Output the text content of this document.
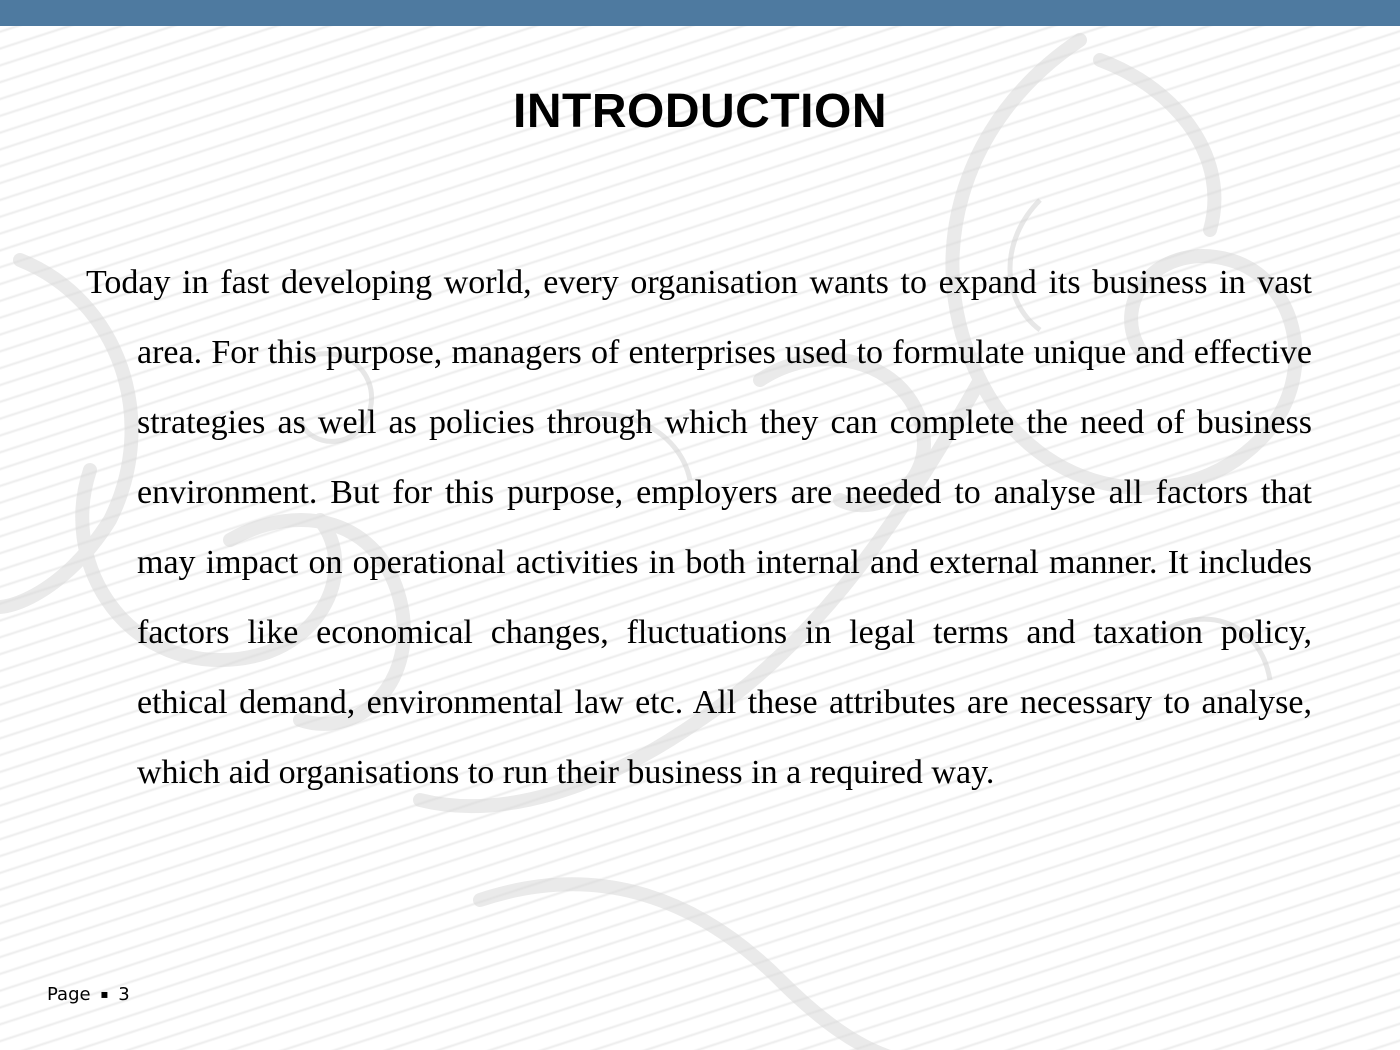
INTRODUCTION

Today in fast developing world, every organisation wants to expand its business in vast area. For this purpose, managers of enterprises used to formulate unique and effective strategies as well as policies through which they can complete the need of business environment. But for this purpose, employers are needed to analyse all factors that may impact on operational activities in both internal and external manner. It includes factors like economical changes, fluctuations in legal terms and taxation policy, ethical demand, environmental law etc. All these attributes are necessary to analyse, which aid organisations to run their business in a required way.

Page ▪ 3
